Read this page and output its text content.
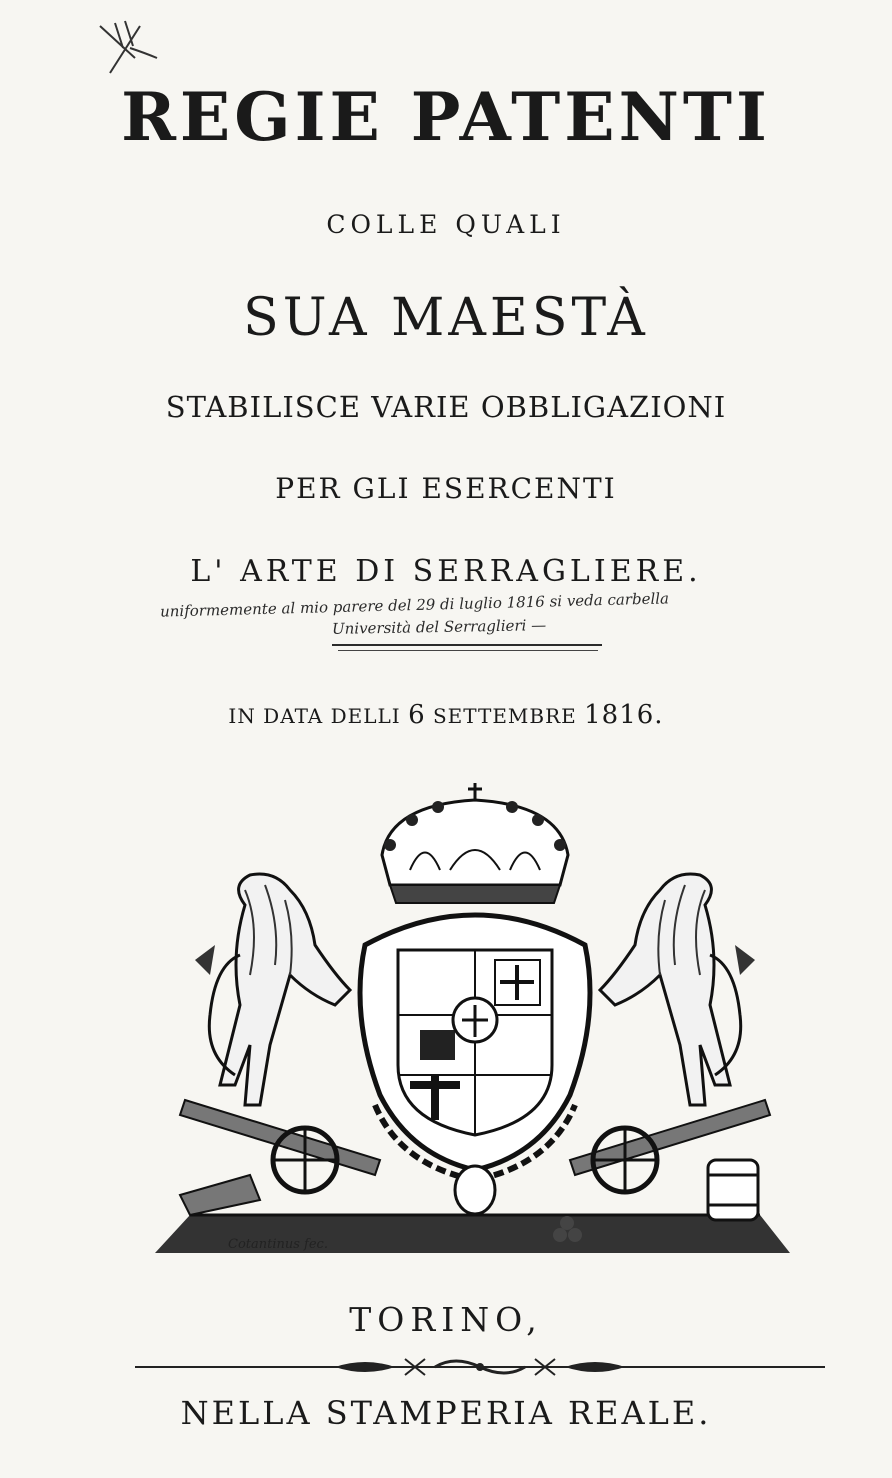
REGIE PATENTI
COLLE QUALI
SUA MAESTÀ
STABILISCE VARIE OBBLIGAZIONI
PER GLI ESERCENTI
L' ARTE DI SERRAGLIERE.
uniformemente al mio parere del 29 di luglio 1816 si veda carbella
Università del Serraglieri —
IN DATA DELLI 6 SETTEMBRE 1816.
Cotantinus fec.
TORINO,
NELLA STAMPERIA REALE.
